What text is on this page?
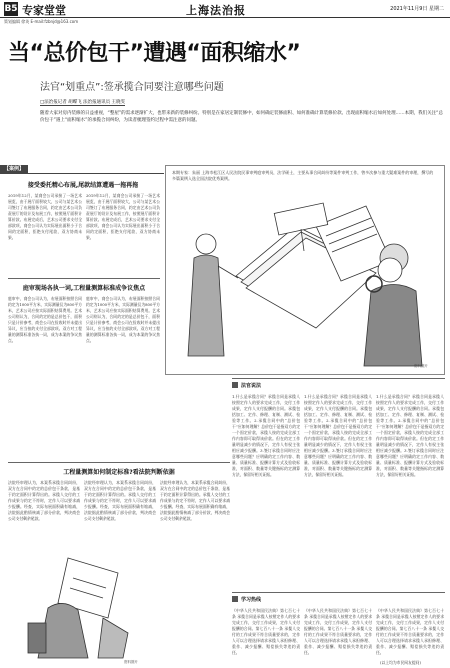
B5 专家堂堂	上海法治报	2021年11月9日 星期二
策划编辑 徐英 E-mail:fzbnjd@163.com
当“总价包干”遭遇“面积缩水”
法官“划重点”:签承揽合同要注意哪些问题
□法治报记者 胡蝶飞 法治报通讯员 王晓雯
随着大家对房内装修的日益重视，“整屋”的需求逐渐扩大，也带来新的装修纠纷。特别是在家居定制装修中，如何确定装修面积、如何准确计算装修价款、出现面积缩水后如何处理……本期，我们关注“总价包干”遇上“面积缩水”的承揽合同纠纷，为读者梳理签约过程中需注意的问题。
【案例】
接受委托精心布展,尾款结算遭遇一拖再拖
2019年12月，某商会公司承接了一场艺术展览，由于展厅面积较大，公司与某艺术公司签订了布展服务合同，约定由艺术公司负责展厅的设计及布展工作，按照展厅面积计算价款。布展完成后，艺术公司要求支付全部款项，商会公司认为实际展出面积小于合同约定面积，拒绝支付尾款，双方协商未果。
2019年12月，某商会公司承接了一场艺术展览，由于展厅面积较大，公司与某艺术公司签订了布展服务合同，约定由艺术公司负责展厅的设计及布展工作，按照展厅面积计算价款。布展完成后，艺术公司要求支付全部款项，商会公司认为实际展出面积小于合同约定面积，拒绝支付尾款，双方协商未果。
庭审现场各执一词,工程量测算标准成争议焦点
庭审中，商会公司认为，布展面积按照合同约定为1000平方米，实际测量仅为800平方米，艺术公司应按实际面积结算费用。艺术公司则认为，合同约定的是总价包干，面积只是计价参考，商会公司在验收时并未提出异议，应当按约支付全部款项。双方对工程量的测算标准各执一词，成为本案的争议焦点。
庭审中，商会公司认为，布展面积按照合同约定为1000平方米，实际测量仅为800平方米，艺术公司应按实际面积结算费用。艺术公司则认为，合同约定的是总价包干，面积只是计价参考，商会公司在验收时并未提出异议，应当按约支付全部款项。双方对工程量的测算标准各执一词，成为本案的争议焦点。
工程量测算如何制定标准?看法院判断依据
法院经审理认为，本案系承揽合同纠纷，双方在合同中约定的总价包干条款，是基于约定面积计算得出的。承揽人交付的工作成果与约定不符时，定作人可以要求减少报酬。经查，实际布展面积确有缩减，法院据此酌情核减了部分价款，判决商会公司支付剩余尾款。
法院经审理认为，本案系承揽合同纠纷，双方在合同中约定的总价包干条款，是基于约定面积计算得出的。承揽人交付的工作成果与约定不符时，定作人可以要求减少报酬。经查，实际布展面积确有缩减，法院据此酌情核减了部分价款，判决商会公司支付剩余尾款。
法院经审理认为，本案系承揽合同纠纷，双方在合同中约定的总价包干条款，是基于约定面积计算得出的。承揽人交付的工作成果与约定不符时，定作人可以要求减少报酬。经查，实际布展面积确有缩减，法院据此酌情核减了部分价款，判决商会公司支付剩余尾款。
本期专家：朱丽 上海市松江区人民法院民事审判庭审判员，法学硕士，主要从事合同纠纷等案件审判工作，曾多次参与重大疑难案件的审理，撰写的多篇案例入选全国法院优秀案例。
资料图片
法官说法
1.什么是承揽合同？承揽合同是承揽人按照定作人的要求完成工作，交付工作成果，定作人支付报酬的合同。承揽包括加工、定作、修理、复制、测试、检验等工作。2.承揽合同中的“总价包干”应如何理解？总价包干是指双方约定一个固定价款，承揽人按约完成全部工作内容即可取得该价款。但在约定工作量明显减少的情况下，定作人有权主张相应减少报酬。3.签订承揽合同时应注意哪些问题？应明确约定工作内容、数量、质量标准、报酬计算方式及验收标准，对面积、数量等关键指标约定测算方法，保留好相关证据。
1.什么是承揽合同？承揽合同是承揽人按照定作人的要求完成工作，交付工作成果，定作人支付报酬的合同。承揽包括加工、定作、修理、复制、测试、检验等工作。2.承揽合同中的“总价包干”应如何理解？总价包干是指双方约定一个固定价款，承揽人按约完成全部工作内容即可取得该价款。但在约定工作量明显减少的情况下，定作人有权主张相应减少报酬。3.签订承揽合同时应注意哪些问题？应明确约定工作内容、数量、质量标准、报酬计算方式及验收标准，对面积、数量等关键指标约定测算方法，保留好相关证据。
1.什么是承揽合同？承揽合同是承揽人按照定作人的要求完成工作，交付工作成果，定作人支付报酬的合同。承揽包括加工、定作、修理、复制、测试、检验等工作。2.承揽合同中的“总价包干”应如何理解？总价包干是指双方约定一个固定价款，承揽人按约完成全部工作内容即可取得该价款。但在约定工作量明显减少的情况下，定作人有权主张相应减少报酬。3.签订承揽合同时应注意哪些问题？应明确约定工作内容、数量、质量标准、报酬计算方式及验收标准，对面积、数量等关键指标约定测算方法，保留好相关证据。
学习热线
《中华人民共和国民法典》第七百七十条 承揽合同是承揽人按照定作人的要求完成工作，交付工作成果，定作人支付报酬的合同。第七百八十一条 承揽人交付的工作成果不符合质量要求的，定作人可以合理选择请求承揽人承担修理、重作、减少报酬、赔偿损失等违约责任。
《中华人民共和国民法典》第七百七十条 承揽合同是承揽人按照定作人的要求完成工作，交付工作成果，定作人支付报酬的合同。第七百八十一条 承揽人交付的工作成果不符合质量要求的，定作人可以合理选择请求承揽人承担修理、重作、减少报酬、赔偿损失等违约责任。
《中华人民共和国民法典》第七百七十条 承揽合同是承揽人按照定作人的要求完成工作，交付工作成果，定作人支付报酬的合同。第七百八十一条 承揽人交付的工作成果不符合质量要求的，定作人可以合理选择请求承揽人承担修理、重作、减少报酬、赔偿损失等违约责任。
(以上均为市民网友提问)
资料图片
